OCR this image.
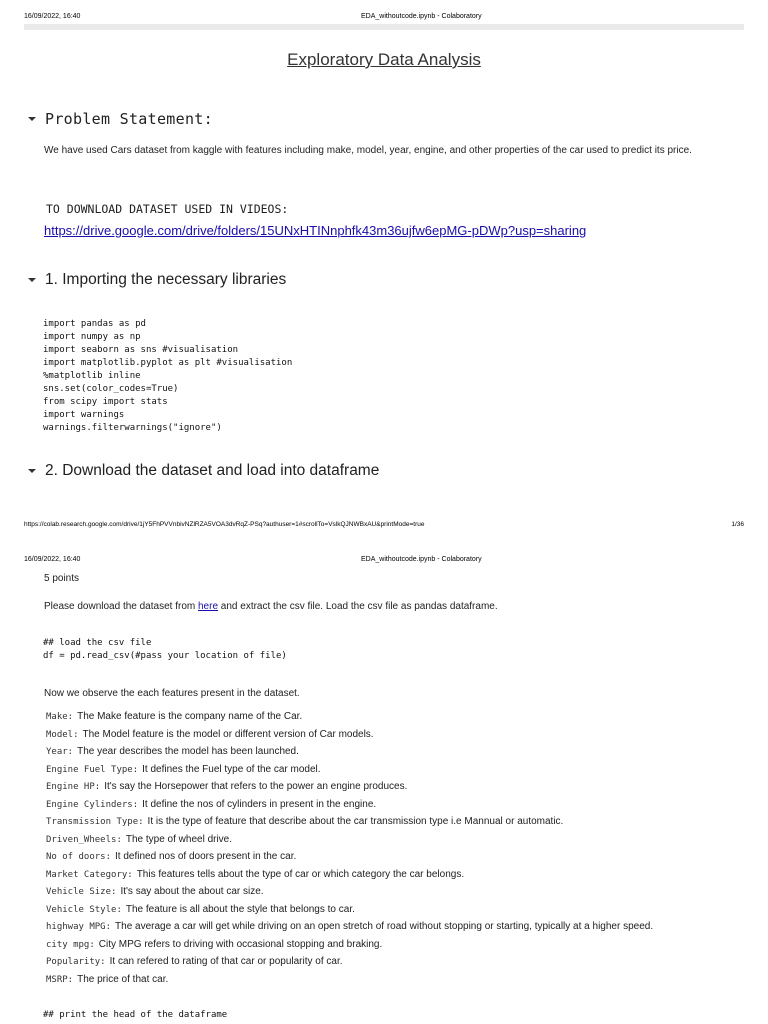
16/09/2022, 16:40	EDA_withoutcode.ipynb - Colaboratory
Exploratory Data Analysis
Problem Statement:
We have used Cars dataset from kaggle with features including make, model, year, engine, and other properties of the car used to predict its price.
TO DOWNLOAD DATASET USED IN VIDEOS:
https://drive.google.com/drive/folders/15UNxHTINnphfk43m36ujfw6epMG-pDWp?usp=sharing
1. Importing the necessary libraries
import pandas as pd
import numpy as np
import seaborn as sns #visualisation
import matplotlib.pyplot as plt #visualisation
%matplotlib inline
sns.set(color_codes=True)
from scipy import stats
import warnings
warnings.filterwarnings("ignore")
2. Download the dataset and load into dataframe
https://colab.research.google.com/drive/1jY5FhPVVnbivNZlRZA5VOA3dvRqZ-PSq?authuser=1#scrollTo=VslkQJNWBxAU&printMode=true	1/36
16/09/2022, 16:40	EDA_withoutcode.ipynb - Colaboratory
5 points
Please download the dataset from here and extract the csv file. Load the csv file as pandas dataframe.
## load the csv file
df = pd.read_csv(#pass your location of file)
Now we observe the each features present in the dataset.
Make: The Make feature is the company name of the Car.
Model: The Model feature is the model or different version of Car models.
Year: The year describes the model has been launched.
Engine Fuel Type: It defines the Fuel type of the car model.
Engine HP: It's say the Horsepower that refers to the power an engine produces.
Engine Cylinders: It define the nos of cylinders in present in the engine.
Transmission Type: It is the type of feature that describe about the car transmission type i.e Mannual or automatic.
Driven_Wheels: The type of wheel drive.
No of doors: It defined nos of doors present in the car.
Market Category: This features tells about the type of car or which category the car belongs.
Vehicle Size: It's say about the about car size.
Vehicle Style: The feature is all about the style that belongs to car.
highway MPG: The average a car will get while driving on an open stretch of road without stopping or starting, typically at a higher speed.
city mpg: City MPG refers to driving with occasional stopping and braking.
Popularity: It can refered to rating of that car or popularity of car.
MSRP: The price of that car.
## print the head of the dataframe
